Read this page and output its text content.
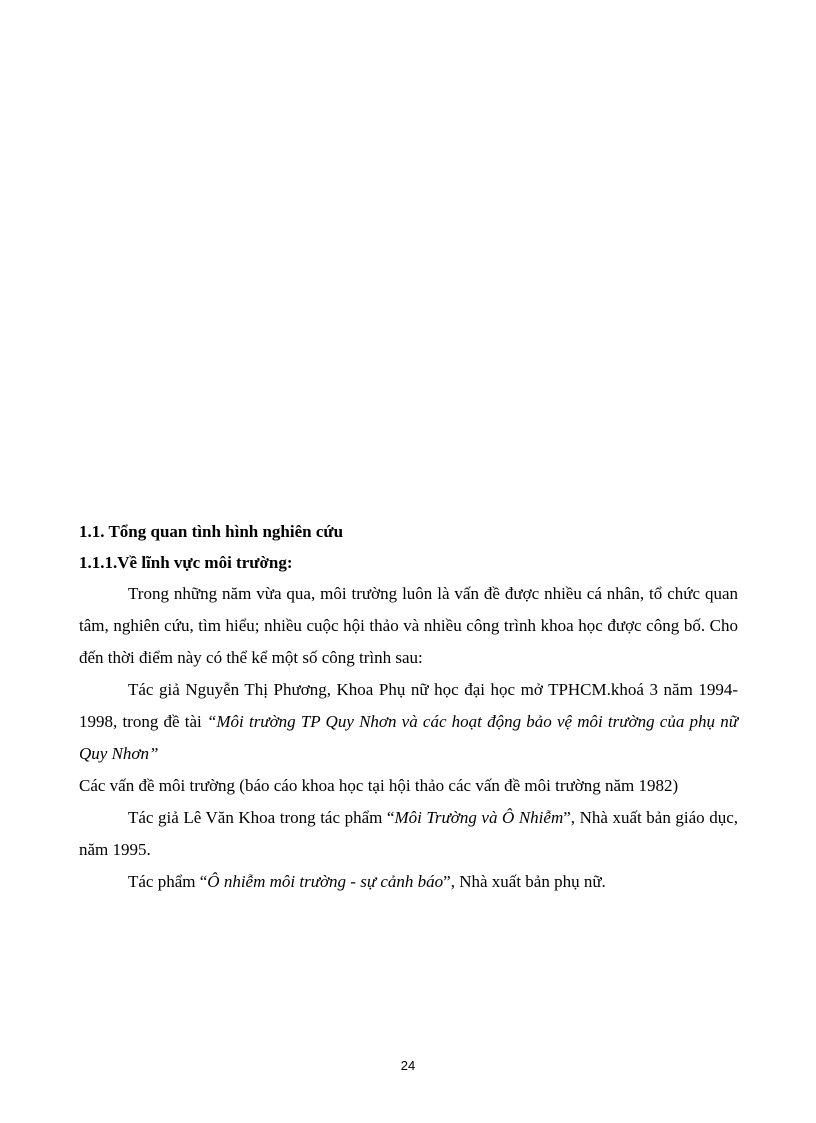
1.1. Tổng quan tình hình nghiên cứu
1.1.1.Về lĩnh vực môi trường:

Trong những năm vừa qua, môi trường luôn là vấn đề được nhiều cá nhân, tổ chức quan tâm, nghiên cứu, tìm hiểu; nhiều cuộc hội thảo và nhiều công trình khoa học được công bố. Cho đến thời điểm này có thể kể một số công trình sau:

Tác giả Nguyễn Thị Phương, Khoa Phụ nữ học đại học mở TPHCM.khoá 3 năm 1994-1998, trong đề tài “Môi trường TP Quy Nhơn và các hoạt động bảo vệ môi trường của phụ nữ Quy Nhơn”

Các vấn đề môi trường (báo cáo khoa học tại hội thảo các vấn đề môi trường năm 1982)

Tác giả Lê Văn Khoa trong tác phẩm “Môi Trường và Ô Nhiễm”, Nhà xuất bản giáo dục, năm 1995.

Tác phẩm “Ô nhiễm môi trường - sự cảnh báo”, Nhà xuất bản phụ nữ.

24
